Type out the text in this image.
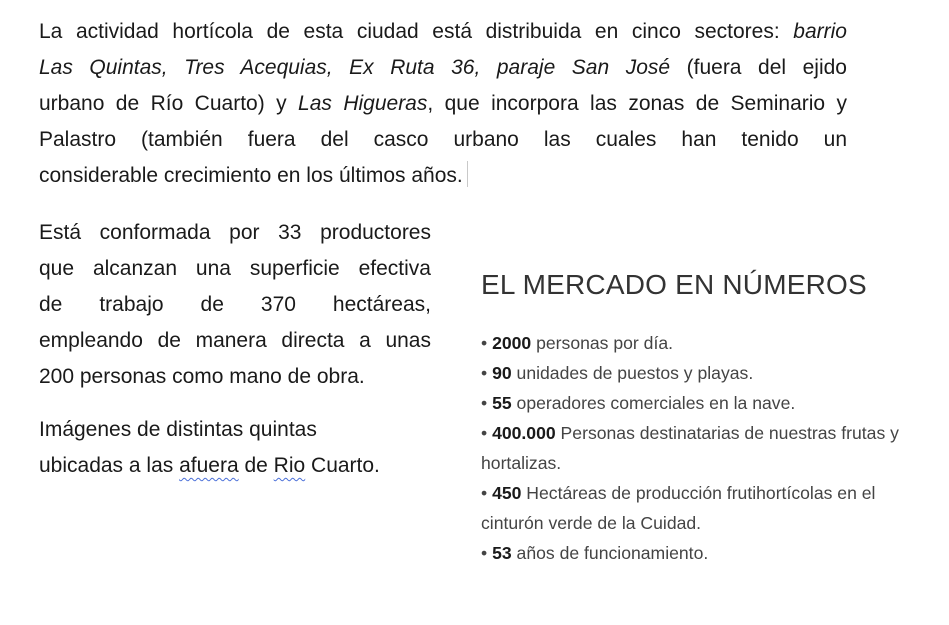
La actividad hortícola de esta ciudad está distribuida en cinco sectores: barrio
Las Quintas, Tres Acequias, Ex Ruta 36, paraje San José (fuera del ejido
urbano de Río Cuarto) y Las Higueras, que incorpora las zonas de Seminario y
Palastro (también fuera del casco urbano las cuales han tenido un
considerable crecimiento en los últimos años.

Está conformada por 33 productores
que alcanzan una superficie efectiva
de trabajo de 370 hectáreas,
empleando de manera directa a unas
200 personas como mano de obra.

Imágenes de distintas quintas
ubicadas a las afuera de Rio Cuarto.

EL MERCADO EN NÚMEROS
• 2000 personas por día.
• 90 unidades de puestos y playas.
• 55 operadores comerciales en la nave.
• 400.000 Personas destinatarias de nuestras frutas y hortalizas.
• 450 Hectáreas de producción frutihortícolas en el cinturón verde de la Cuidad.
• 53 años de funcionamiento.
